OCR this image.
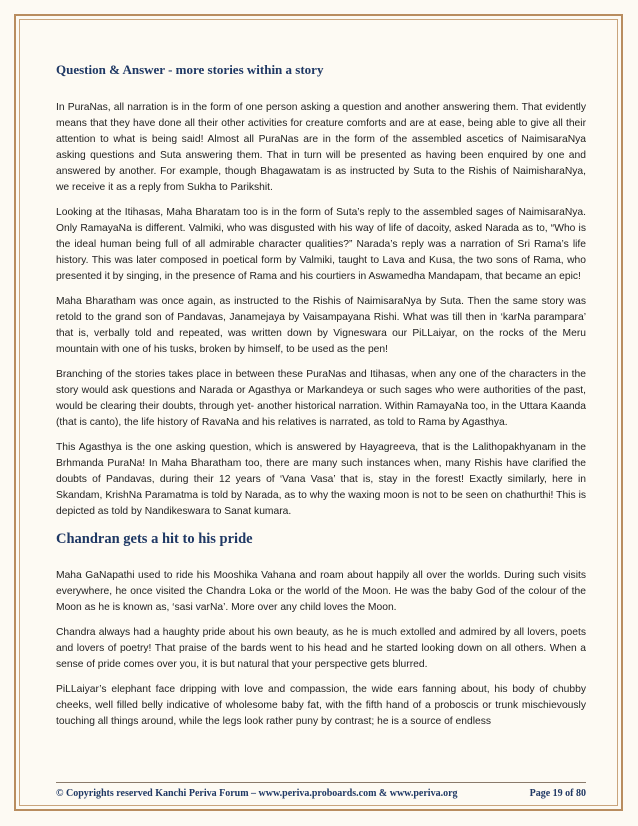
Question & Answer - more stories within a story

In PuraNas, all narration is in the form of one person asking a question and another answering them. That evidently means that they have done all their other activities for creature comforts and are at ease, being able to give all their attention to what is being said! Almost all PuraNas are in the form of the assembled ascetics of NaimisaraNya asking questions and Suta answering them. That in turn will be presented as having been enquired by one and answered by another. For example, though Bhagawatam is as instructed by Suta to the Rishis of NaimisharaNya, we receive it as a reply from Sukha to Parikshit.

Looking at the Itihasas, Maha Bharatam too is in the form of Suta’s reply to the assembled sages of NaimisaraNya. Only RamayaNa is different. Valmiki, who was disgusted with his way of life of dacoity, asked Narada as to, “Who is the ideal human being full of all admirable character qualities?” Narada’s reply was a narration of Sri Rama’s life history. This was later composed in poetical form by Valmiki, taught to Lava and Kusa, the two sons of Rama, who presented it by singing, in the presence of Rama and his courtiers in Aswamedha Mandapam, that became an epic!

Maha Bharatham was once again, as instructed to the Rishis of NaimisaraNya by Suta. Then the same story was retold to the grand son of Pandavas, Janamejaya by Vaisampayana Rishi. What was till then in ‘karNa parampara’ that is, verbally told and repeated, was written down by Vigneswara our PiLLaiyar, on the rocks of the Meru mountain with one of his tusks, broken by himself, to be used as the pen!

Branching of the stories takes place in between these PuraNas and Itihasas, when any one of the characters in the story would ask questions and Narada or Agasthya or Markandeya or such sages who were authorities of the past, would be clearing their doubts, through yet- another historical narration. Within RamayaNa too, in the Uttara Kaanda (that is canto), the life history of RavaNa and his relatives is narrated, as told to Rama by Agasthya.

This Agasthya is the one asking question, which is answered by Hayagreeva, that is the Lalithopakhyanam in the Brhmanda PuraNa! In Maha Bharatham too, there are many such instances when, many Rishis have clarified the doubts of Pandavas, during their 12 years of ‘Vana Vasa’ that is, stay in the forest! Exactly similarly, here in Skandam, KrishNa Paramatma is told by Narada, as to why the waxing moon is not to be seen on chathurthi! This is depicted as told by Nandikeswara to Sanat kumara.

Chandran gets a hit to his pride

Maha GaNapathi used to ride his Mooshika Vahana and roam about happily all over the worlds. During such visits everywhere, he once visited the Chandra Loka or the world of the Moon. He was the baby God of the colour of the Moon as he is known as, ‘sasi varNa’. More over any child loves the Moon.

Chandra always had a haughty pride about his own beauty, as he is much extolled and admired by all lovers, poets and lovers of poetry! That praise of the bards went to his head and he started looking down on all others. When a sense of pride comes over you, it is but natural that your perspective gets blurred.

PiLLaiyar’s elephant face dripping with love and compassion, the wide ears fanning about, his body of chubby cheeks, well filled belly indicative of wholesome baby fat, with the fifth hand of a proboscis or trunk mischievously touching all things around, while the legs look rather puny by contrast; he is a source of endless

© Copyrights reserved Kanchi Periva Forum – www.periva.proboards.com & www.periva.org	Page 19 of 80
